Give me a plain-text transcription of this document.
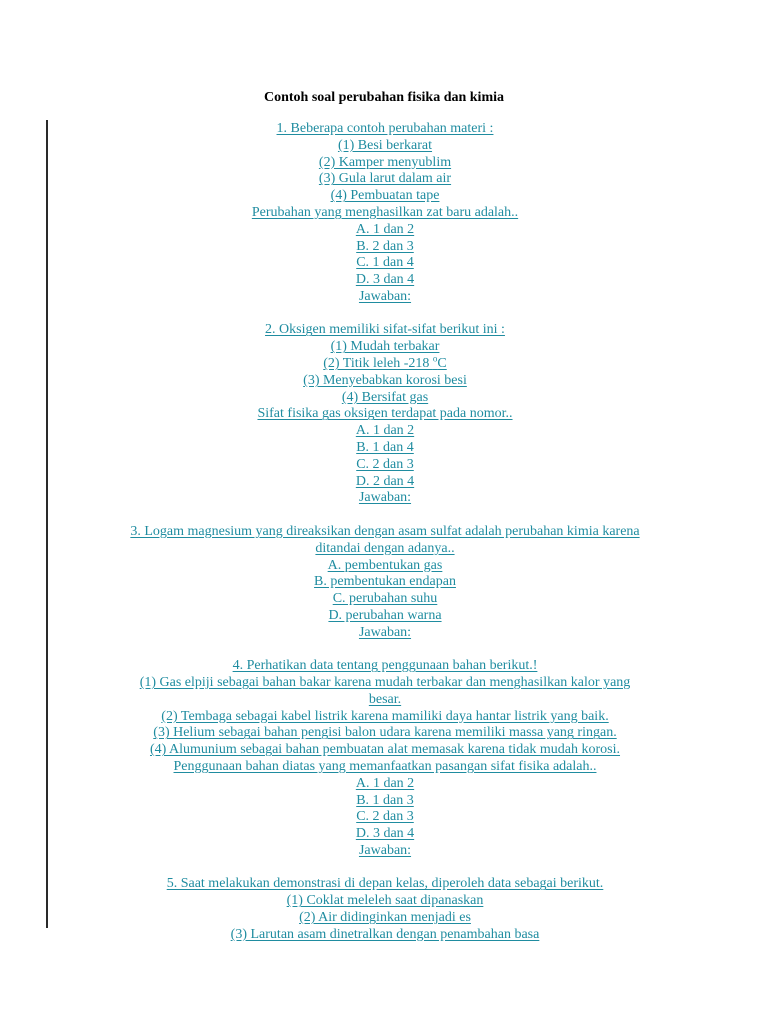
Contoh soal perubahan fisika dan kimia
1. Beberapa contoh perubahan materi :
(1) Besi berkarat
(2) Kamper menyublim
(3) Gula larut dalam air
(4) Pembuatan tape
Perubahan yang menghasilkan zat baru adalah..
A. 1 dan 2
B. 2 dan 3
C. 1 dan 4
D. 3 dan 4
Jawaban:
2. Oksigen memiliki sifat-sifat berikut ini :
(1) Mudah terbakar
(2) Titik leleh -218 $^o$C
(3) Menyebabkan korosi besi
(4) Bersifat gas
Sifat fisika gas oksigen terdapat pada nomor..
A. 1 dan 2
B. 1 dan 4
C. 2 dan 3
D. 2 dan 4
Jawaban:
3. Logam magnesium yang direaksikan dengan asam sulfat adalah perubahan kimia karena
ditandai dengan adanya..
A. pembentukan gas
B. pembentukan endapan
C. perubahan suhu
D. perubahan warna
Jawaban:
4. Perhatikan data tentang penggunaan bahan berikut.!
(1) Gas elpiji sebagai bahan bakar karena mudah terbakar dan menghasilkan kalor yang
besar.
(2) Tembaga sebagai kabel listrik karena mamiliki daya hantar listrik yang baik.
(3) Helium sebagai bahan pengisi balon udara karena memiliki massa yang ringan.
(4) Alumunium sebagai bahan pembuatan alat memasak karena tidak mudah korosi.
Penggunaan bahan diatas yang memanfaatkan pasangan sifat fisika adalah..
A. 1 dan 2
B. 1 dan 3
C. 2 dan 3
D. 3 dan 4
Jawaban:
5. Saat melakukan demonstrasi di depan kelas, diperoleh data sebagai berikut.
(1) Coklat meleleh saat dipanaskan
(2) Air didinginkan menjadi es
(3) Larutan asam dinetralkan dengan penambahan basa
